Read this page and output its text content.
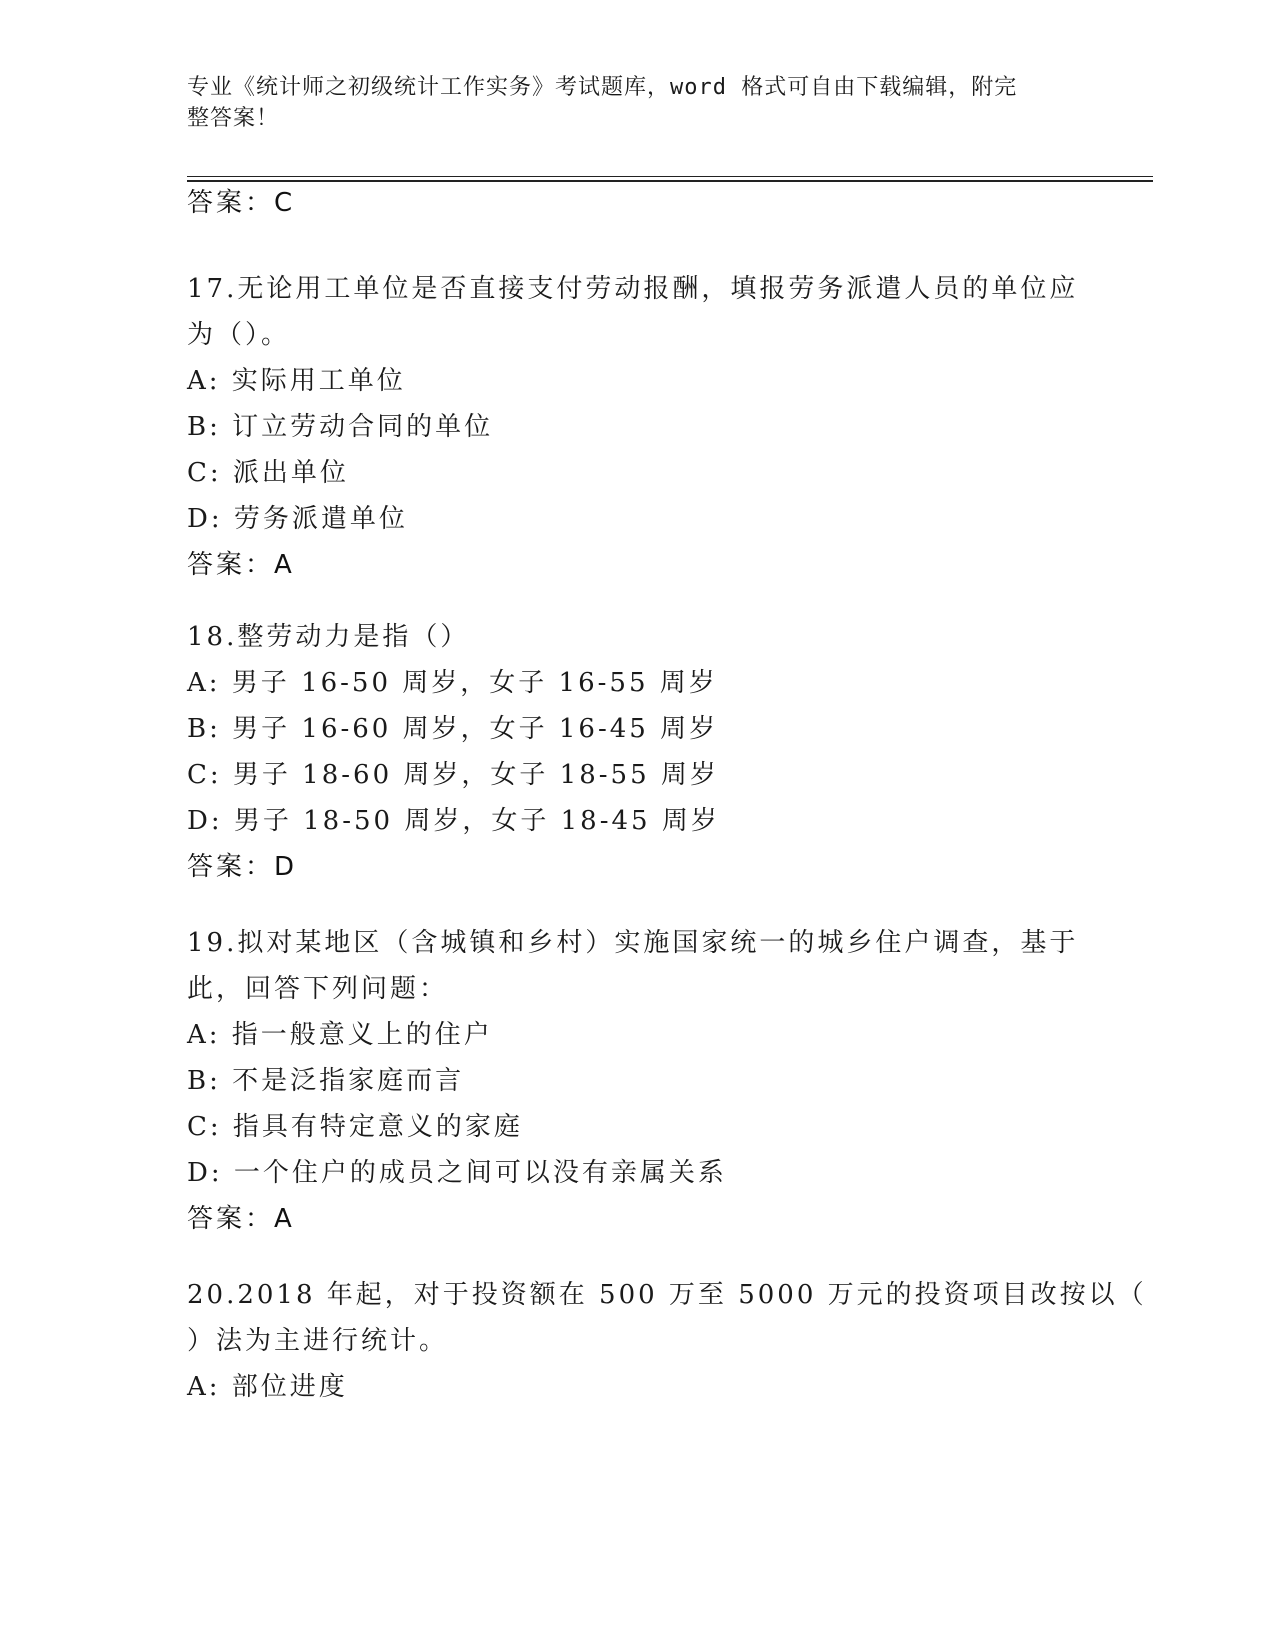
专业《统计师之初级统计工作实务》考试题库，word 格式可自由下载编辑，附完
整答案！
答案：C
17.无论用工单位是否直接支付劳动报酬，填报劳务派遣人员的单位应
为（）。
A: 实际用工单位
B: 订立劳动合同的单位
C: 派出单位
D: 劳务派遣单位
答案：A
18.整劳动力是指（）
A: 男子 16-50 周岁，女子 16-55 周岁
B: 男子 16-60 周岁，女子 16-45 周岁
C: 男子 18-60 周岁，女子 18-55 周岁
D: 男子 18-50 周岁，女子 18-45 周岁
答案：D
19.拟对某地区（含城镇和乡村）实施国家统一的城乡住户调查，基于
此，回答下列问题：
A: 指一般意义上的住户
B: 不是泛指家庭而言
C: 指具有特定意义的家庭
D: 一个住户的成员之间可以没有亲属关系
答案：A
20.2018 年起，对于投资额在 500 万至 5000 万元的投资项目改按以（
）法为主进行统计。
A: 部位进度
